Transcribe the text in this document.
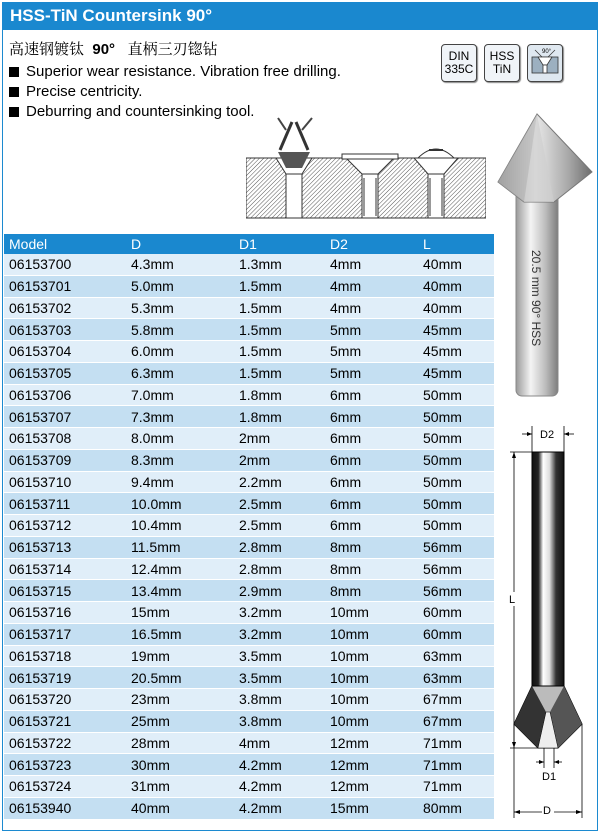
HSS-TiN Countersink 90°
高速钢镀钛 90° 直柄三刃锪钻
Superior wear resistance. Vibration free drilling.
Precise centricity.
Deburring and countersinking tool.
DIN
335C
HSS
TiN
90°
20.5 mm 90° HSS
D2
L
D1
D
Model	D	D1	D2	L
06153700	4.3mm	1.3mm	4mm	40mm
06153701	5.0mm	1.5mm	4mm	40mm
06153702	5.3mm	1.5mm	4mm	40mm
06153703	5.8mm	1.5mm	5mm	45mm
06153704	6.0mm	1.5mm	5mm	45mm
06153705	6.3mm	1.5mm	5mm	45mm
06153706	7.0mm	1.8mm	6mm	50mm
06153707	7.3mm	1.8mm	6mm	50mm
06153708	8.0mm	2mm	6mm	50mm
06153709	8.3mm	2mm	6mm	50mm
06153710	9.4mm	2.2mm	6mm	50mm
06153711	10.0mm	2.5mm	6mm	50mm
06153712	10.4mm	2.5mm	6mm	50mm
06153713	11.5mm	2.8mm	8mm	56mm
06153714	12.4mm	2.8mm	8mm	56mm
06153715	13.4mm	2.9mm	8mm	56mm
06153716	15mm	3.2mm	10mm	60mm
06153717	16.5mm	3.2mm	10mm	60mm
06153718	19mm	3.5mm	10mm	63mm
06153719	20.5mm	3.5mm	10mm	63mm
06153720	23mm	3.8mm	10mm	67mm
06153721	25mm	3.8mm	10mm	67mm
06153722	28mm	4mm	12mm	71mm
06153723	30mm	4.2mm	12mm	71mm
06153724	31mm	4.2mm	12mm	71mm
06153940	40mm	4.2mm	15mm	80mm
